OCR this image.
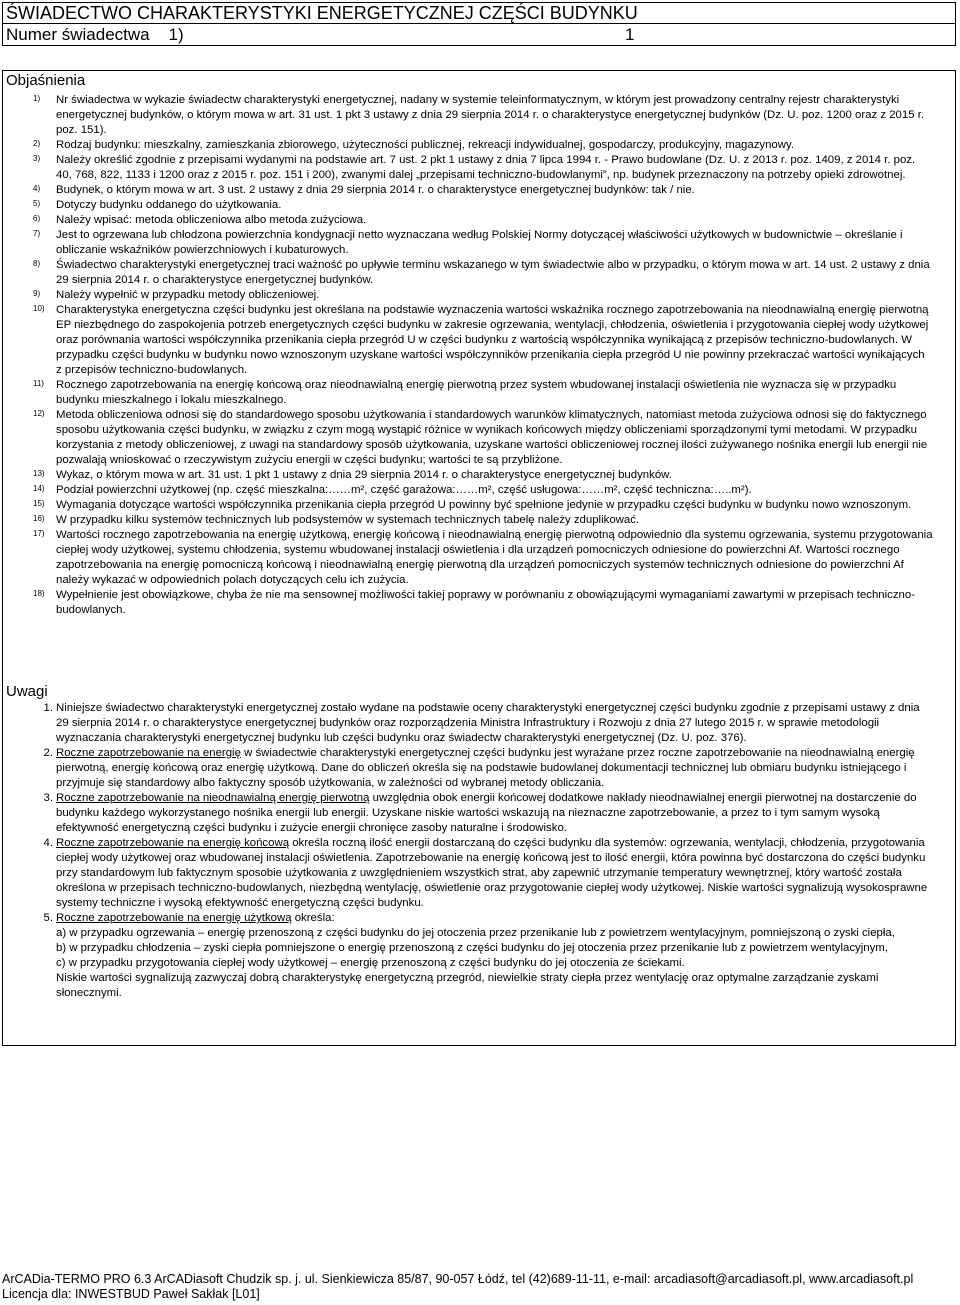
ŚWIADECTWO CHARAKTERYSTYKI ENERGETYCZNEJ CZĘŚCI BUDYNKU
Numer świadectwa 1)	1
Objaśnienia
1) Nr świadectwa w wykazie świadectw charakterystyki energetycznej, nadany w systemie teleinformatycznym, w którym jest prowadzony centralny rejestr charakterystyki energetycznej budynków, o którym mowa w art. 31 ust. 1 pkt 3 ustawy z dnia 29 sierpnia 2014 r. o charakterystyce energetycznej budynków (Dz. U. poz. 1200 oraz z 2015 r. poz. 151).
2) Rodzaj budynku: mieszkalny, zamieszkania zbiorowego, użyteczności publicznej, rekreacji indywidualnej, gospodarczy, produkcyjny, magazynowy.
3) Należy określić zgodnie z przepisami wydanymi na podstawie art. 7 ust. 2 pkt 1 ustawy z dnia 7 lipca 1994 r. - Prawo budowlane (Dz. U. z 2013 r. poz. 1409, z 2014 r. poz. 40, 768, 822, 1133 i 1200 oraz z 2015 r. poz. 151 i 200), zwanymi dalej „przepisami techniczno-budowlanymi”, np. budynek przeznaczony na potrzeby opieki zdrowotnej.
4) Budynek, o którym mowa w art. 3 ust. 2 ustawy z dnia 29 sierpnia 2014 r. o charakterystyce energetycznej budynków: tak / nie.
5) Dotyczy budynku oddanego do użytkowania.
6) Należy wpisać: metoda obliczeniowa albo metoda zużyciowa.
7) Jest to ogrzewana lub chłodzona powierzchnia kondygnacji netto wyznaczana według Polskiej Normy dotyczącej właściwości użytkowych w budownictwie – określanie i obliczanie wskaźników powierzchniowych i kubaturowych.
8) Świadectwo charakterystyki energetycznej traci ważność po upływie terminu wskazanego w tym świadectwie albo w przypadku, o którym mowa w art. 14 ust. 2 ustawy z dnia 29 sierpnia 2014 r. o charakterystyce energetycznej budynków.
9) Należy wypełnić w przypadku metody obliczeniowej.
10) Charakterystyka energetyczna części budynku jest określana na podstawie wyznaczenia wartości wskaźnika rocznego zapotrzebowania na nieodnawialną energię pierwotną EP niezbędnego do zaspokojenia potrzeb energetycznych części budynku w zakresie ogrzewania, wentylacji, chłodzenia, oświetlenia i przygotowania ciepłej wody użytkowej oraz porównania wartości współczynnika przenikania ciepła przegród U w części budynku z wartością współczynnika wynikającą z przepisów techniczno-budowlanych. W przypadku części budynku w budynku nowo wznoszonym uzyskane wartości współczynników przenikania ciepła przegród U nie powinny przekraczać wartości wynikających z przepisów techniczno-budowlanych.
11) Rocznego zapotrzebowania na energię końcową oraz nieodnawialną energię pierwotną przez system wbudowanej instalacji oświetlenia nie wyznacza się w przypadku budynku mieszkalnego i lokalu mieszkalnego.
12) Metoda obliczeniowa odnosi się do standardowego sposobu użytkowania i standardowych warunków klimatycznych, natomiast metoda zużyciowa odnosi się do faktycznego sposobu użytkowania części budynku, w związku z czym mogą wystąpić różnice w wynikach końcowych między obliczeniami sporządzonymi tymi metodami. W przypadku korzystania z metody obliczeniowej, z uwagi na standardowy sposób użytkowania, uzyskane wartości obliczeniowej rocznej ilości zużywanego nośnika energii lub energii nie pozwalają wnioskować o rzeczywistym zużyciu energii w części budynku; wartości te są przybliżone.
13) Wykaz, o którym mowa w art. 31 ust. 1 pkt 1 ustawy z dnia 29 sierpnia 2014 r. o charakterystyce energetycznej budynków.
14) Podział powierzchni użytkowej (np. część mieszkalna:……m², część garażowa:……m², część usługowa:……m², część techniczna:…..m²).
15) Wymagania dotyczące wartości współczynnika przenikania ciepła przegród U powinny być spełnione jedynie w przypadku części budynku w budynku nowo wznoszonym.
16) W przypadku kilku systemów technicznych lub podsystemów w systemach technicznych tabelę należy zduplikować.
17) Wartości rocznego zapotrzebowania na energię użytkową, energię końcową i nieodnawialną energię pierwotną odpowiednio dla systemu ogrzewania, systemu przygotowania ciepłej wody użytkowej, systemu chłodzenia, systemu wbudowanej instalacji oświetlenia i dla urządzeń pomocniczych odniesione do powierzchni Af. Wartości rocznego zapotrzebowania na energię pomocniczą końcową i nieodnawialną energię pierwotną dla urządzeń pomocniczych systemów technicznych odniesione do powierzchni Af należy wykazać w odpowiednich polach dotyczących celu ich zużycia.
18) Wypełnienie jest obowiązkowe, chyba że nie ma sensownej możliwości takiej poprawy w porównaniu z obowiązującymi wymaganiami zawartymi w przepisach techniczno-budowlanych.
Uwagi
1. Niniejsze świadectwo charakterystyki energetycznej zostało wydane na podstawie oceny charakterystyki energetycznej części budynku zgodnie z przepisami ustawy z dnia 29 sierpnia 2014 r. o charakterystyce energetycznej budynków oraz rozporządzenia Ministra Infrastruktury i Rozwoju z dnia 27 lutego 2015 r. w sprawie metodologii wyznaczania charakterystyki energetycznej budynku lub części budynku oraz świadectw charakterystyki energetycznej (Dz. U. poz. 376).
2. Roczne zapotrzebowanie na energię w świadectwie charakterystyki energetycznej części budynku jest wyrażane przez roczne zapotrzebowanie na nieodnawialną energię pierwotną, energię końcową oraz energię użytkową. Dane do obliczeń określa się na podstawie budowlanej dokumentacji technicznej lub obmiaru budynku istniejącego i przyjmuje się standardowy albo faktyczny sposób użytkowania, w zależności od wybranej metody obliczania.
3. Roczne zapotrzebowanie na nieodnawialną energię pierwotną uwzględnia obok energii końcowej dodatkowe nakłady nieodnawialnej energii pierwotnej na dostarczenie do budynku każdego wykorzystanego nośnika energii lub energii. Uzyskane niskie wartości wskazują na nieznaczne zapotrzebowanie, a przez to i tym samym wysoką efektywność energetyczną części budynku i zużycie energii chronięce zasoby naturalne i środowisko.
4. Roczne zapotrzebowanie na energię końcową określa roczną ilość energii dostarczaną do części budynku dla systemów: ogrzewania, wentylacji, chłodzenia, przygotowania ciepłej wody użytkowej oraz wbudowanej instalacji oświetlenia. Zapotrzebowanie na energię końcową jest to ilość energii, która powinna być dostarczona do części budynku przy standardowym lub faktycznym sposobie użytkowania z uwzględnieniem wszystkich strat, aby zapewnić utrzymanie temperatury wewnętrznej, który wartość została określona w przepisach techniczno-budowlanych, niezbędną wentylację, oświetlenie oraz przygotowanie ciepłej wody użytkowej. Niskie wartości sygnalizują wysokosprawne systemy techniczne i wysoką efektywność energetyczną części budynku.
5. Roczne zapotrzebowanie na energię użytkową określa:
a) w przypadku ogrzewania – energię przenoszoną z części budynku do jej otoczenia przez przenikanie lub z powietrzem wentylacyjnym, pomniejszoną o zyski ciepła,
b) w przypadku chłodzenia – zyski ciepła pomniejszone o energię przenoszoną z części budynku do jej otoczenia przez przenikanie lub z powietrzem wentylacyjnym,
c) w przypadku przygotowania ciepłej wody użytkowej – energię przenoszoną z części budynku do jej otoczenia ze ściekami.
Niskie wartości sygnalizują zazwyczaj dobrą charakterystykę energetyczną przegród, niewielkie straty ciepła przez wentylację oraz optymalne zarządzanie zyskami słonecznymi.
ArCADia-TERMO PRO 6.3 ArCADiasoft Chudzik sp. j. ul. Sienkiewicza 85/87, 90-057 Łódź, tel (42)689-11-11, e-mail: arcadiasoft@arcadiasoft.pl, www.arcadiasoft.pl
Licencja dla: INWESTBUD Paweł Sakłak [L01]
